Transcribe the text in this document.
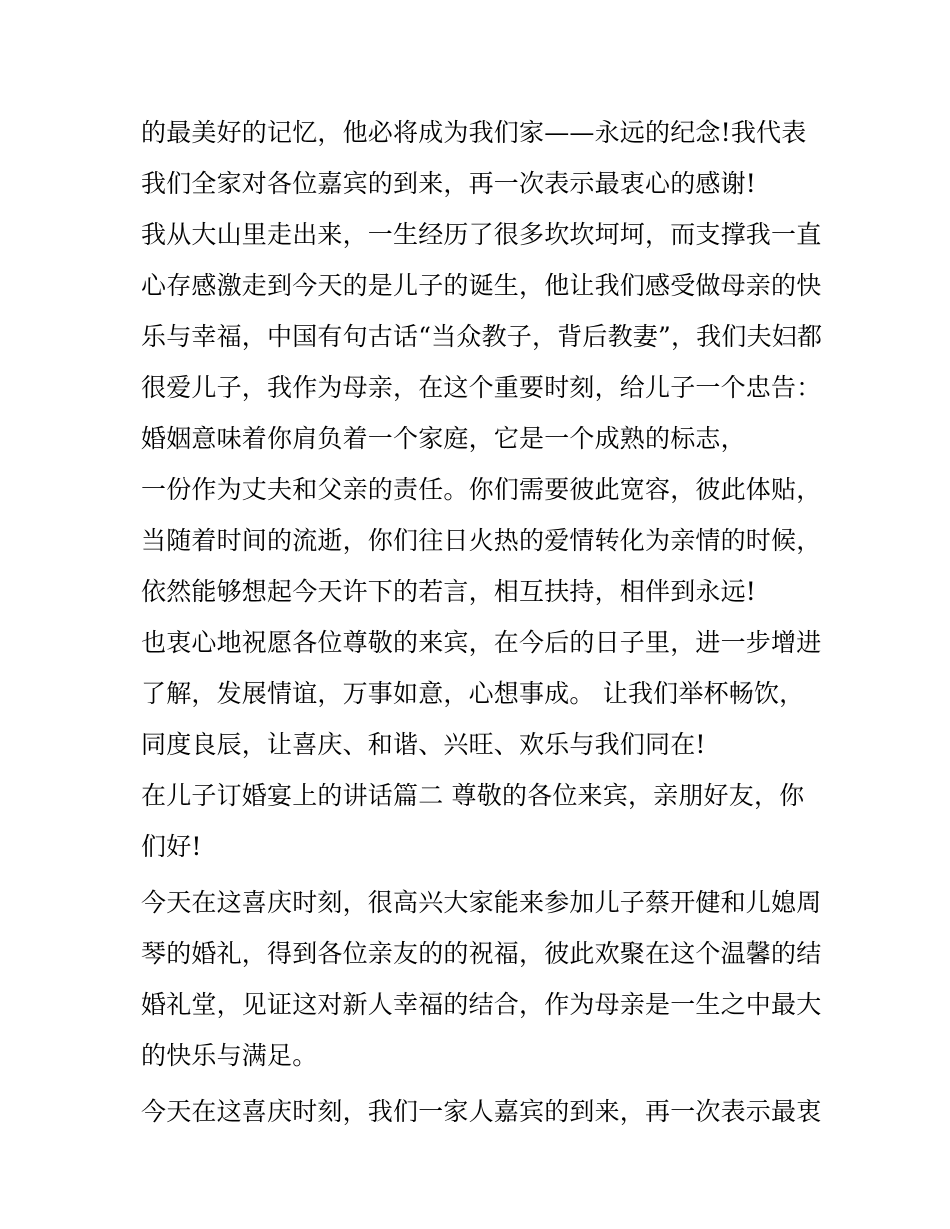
的最美好的记忆，他必将成为我们家——永远的纪念!我代表
我们全家对各位嘉宾的到来，再一次表示最衷心的感谢!
我从大山里走出来，一生经历了很多坎坎坷坷，而支撑我一直
心存感激走到今天的是儿子的诞生，他让我们感受做母亲的快
乐与幸福，中国有句古话“当众教子，背后教妻”，我们夫妇都
很爱儿子，我作为母亲，在这个重要时刻，给儿子一个忠告：
婚姻意味着你肩负着一个家庭，它是一个成熟的标志，
一份作为丈夫和父亲的责任。你们需要彼此宽容，彼此体贴，
当随着时间的流逝，你们往日火热的爱情转化为亲情的时候，
依然能够想起今天许下的若言，相互扶持，相伴到永远!
也衷心地祝愿各位尊敬的来宾，在今后的日子里，进一步增进
了解，发展情谊，万事如意，心想事成。 让我们举杯畅饮，
同度良辰，让喜庆、和谐、兴旺、欢乐与我们同在!
在儿子订婚宴上的讲话篇二 尊敬的各位来宾，亲朋好友，你
们好!
今天在这喜庆时刻，很高兴大家能来参加儿子蔡开健和儿媳周
琴的婚礼，得到各位亲友的的祝福，彼此欢聚在这个温馨的结
婚礼堂，见证这对新人幸福的结合，作为母亲是一生之中最大
的快乐与满足。
今天在这喜庆时刻，我们一家人嘉宾的到来，再一次表示最衷
